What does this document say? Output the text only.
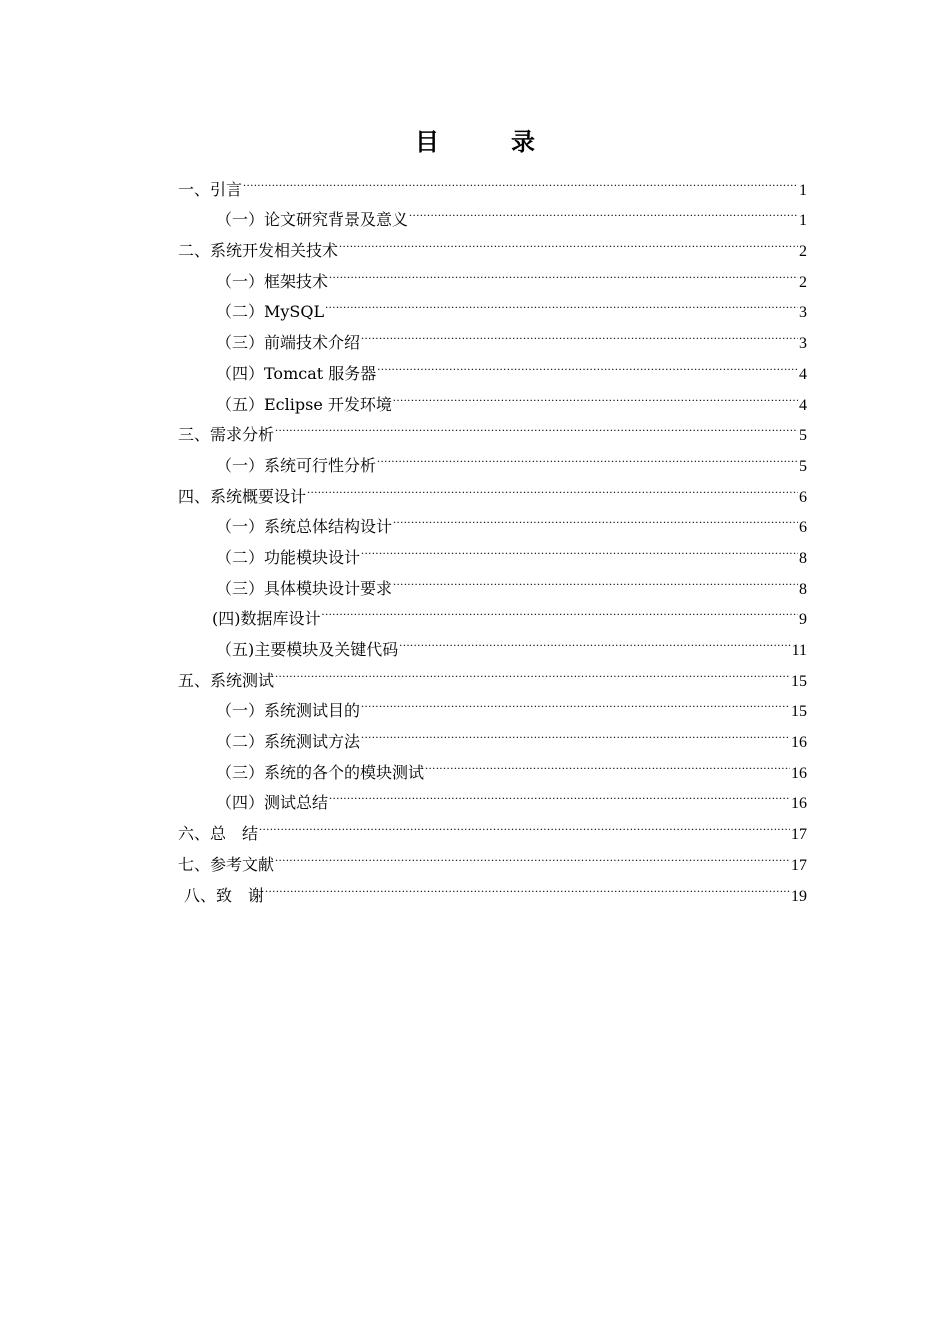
目　录
一、引言 .....	1
（一）论文研究背景及意义 .....	1
二、系统开发相关技术 .....	2
（一）框架技术 .....	2
（二）MySQL .....	3
（三）前端技术介绍 .....	3
（四）Tomcat 服务器 .....	4
（五）Eclipse 开发环境 .....	4
三、需求分析 .....	5
（一）系统可行性分析 .....	5
四、系统概要设计 .....	6
（一）系统总体结构设计 .....	6
（二）功能模块设计 .....	8
（三）具体模块设计要求 .....	8
(四)数据库设计 .....	9
（五)主要模块及关键代码 .....	11
五、系统测试 .....	15
（一）系统测试目的 .....	15
（二）系统测试方法 .....	16
（三）系统的各个的模块测试 .....	16
（四）测试总结 .....	16
六、总　结 .....	17
七、参考文献 .....	17
八、致　谢 .....	19
